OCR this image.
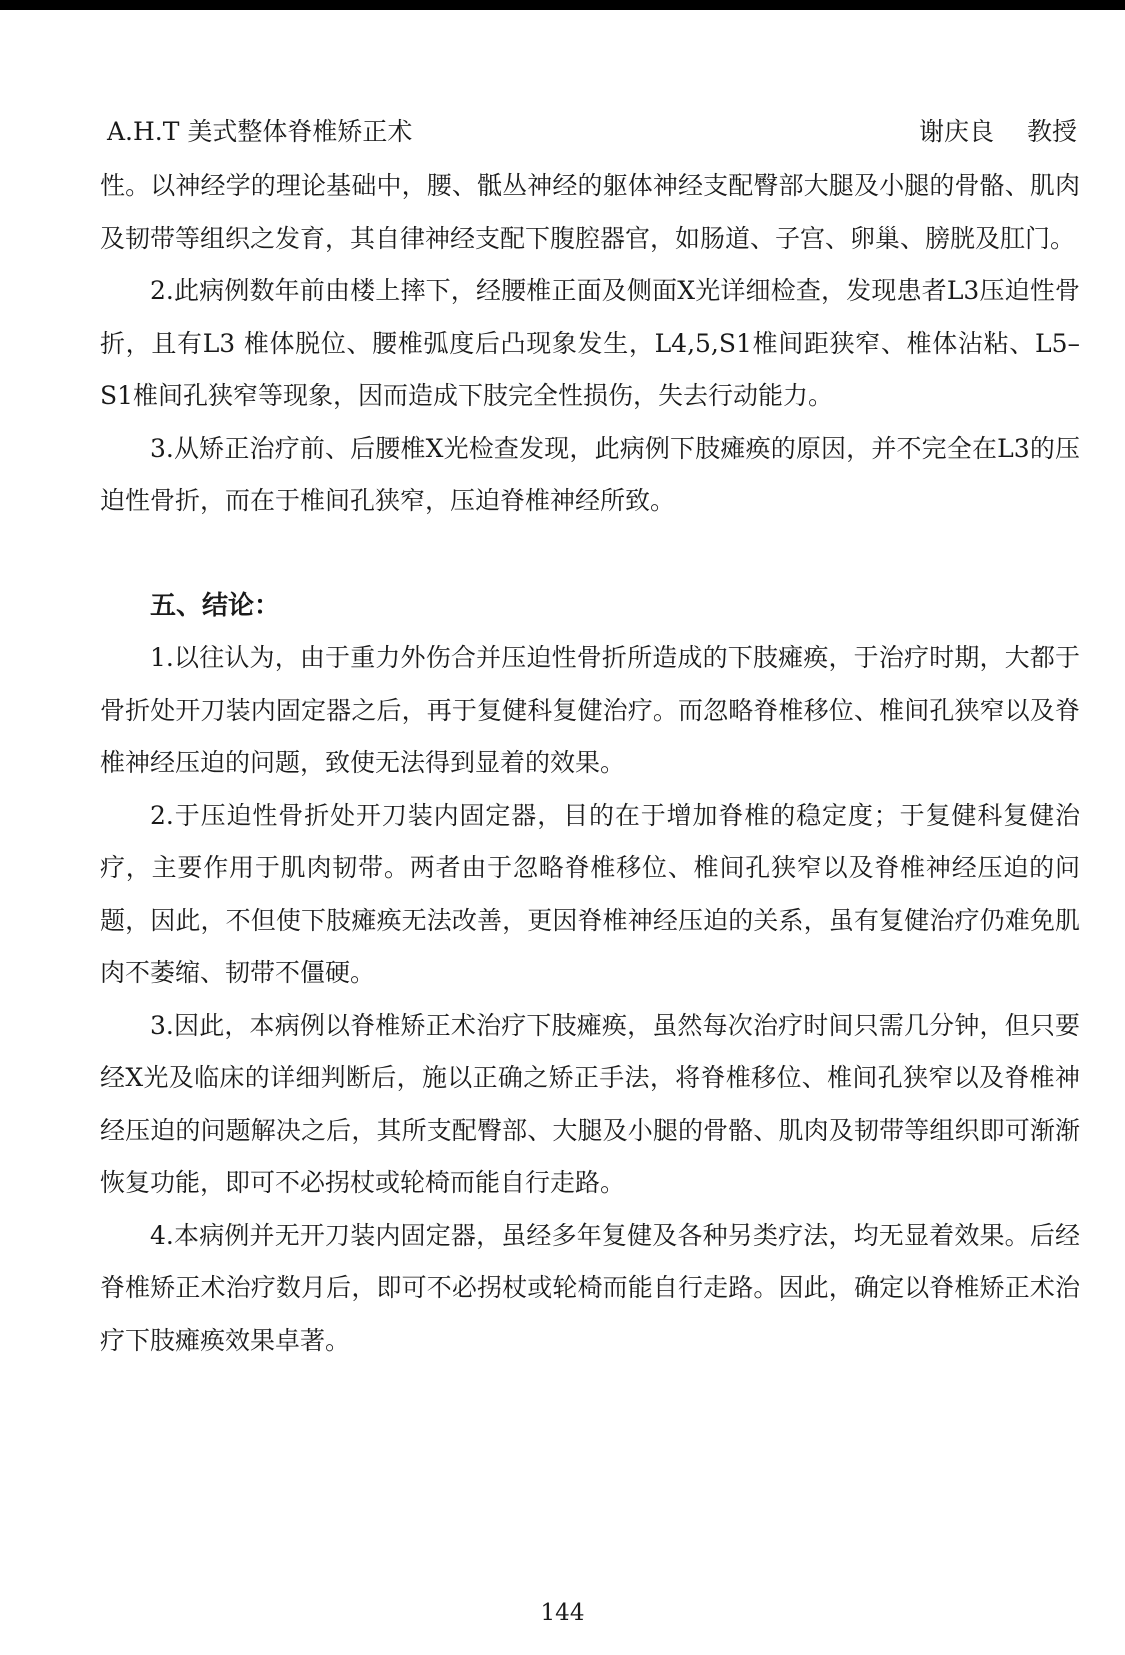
A.H.T 美式整体脊椎矫正术	谢庆良　 教授

性。以神经学的理论基础中，腰、骶丛神经的躯体神经支配臀部大腿及小腿的骨骼、肌肉及韧带等组织之发育，其自律神经支配下腹腔器官，如肠道、子宫、卵巢、膀胱及肛门。

2.此病例数年前由楼上摔下，经腰椎正面及侧面X光详细检查，发现患者L3压迫性骨折，且有L3 椎体脱位、腰椎弧度后凸现象发生，L4,5,S1椎间距狭窄、椎体沾粘、L5–S1椎间孔狭窄等现象，因而造成下肢完全性损伤，失去行动能力。

3.从矫正治疗前、后腰椎X光检查发现，此病例下肢瘫痪的原因，并不完全在L3的压迫性骨折，而在于椎间孔狭窄，压迫脊椎神经所致。

五、结论：

1.以往认为，由于重力外伤合并压迫性骨折所造成的下肢瘫痪，于治疗时期，大都于骨折处开刀装内固定器之后，再于复健科复健治疗。而忽略脊椎移位、椎间孔狭窄以及脊椎神经压迫的问题，致使无法得到显着的效果。

2.于压迫性骨折处开刀装内固定器，目的在于增加脊椎的稳定度；于复健科复健治疗，主要作用于肌肉韧带。两者由于忽略脊椎移位、椎间孔狭窄以及脊椎神经压迫的问题，因此，不但使下肢瘫痪无法改善，更因脊椎神经压迫的关系，虽有复健治疗仍难免肌肉不萎缩、韧带不僵硬。

3.因此，本病例以脊椎矫正术治疗下肢瘫痪，虽然每次治疗时间只需几分钟，但只要经X光及临床的详细判断后，施以正确之矫正手法，将脊椎移位、椎间孔狭窄以及脊椎神经压迫的问题解决之后，其所支配臀部、大腿及小腿的骨骼、肌肉及韧带等组织即可渐渐恢复功能，即可不必拐杖或轮椅而能自行走路。

4.本病例并无开刀装内固定器，虽经多年复健及各种另类疗法，均无显着效果。后经脊椎矫正术治疗数月后，即可不必拐杖或轮椅而能自行走路。因此，确定以脊椎矫正术治疗下肢瘫痪效果卓著。

144
